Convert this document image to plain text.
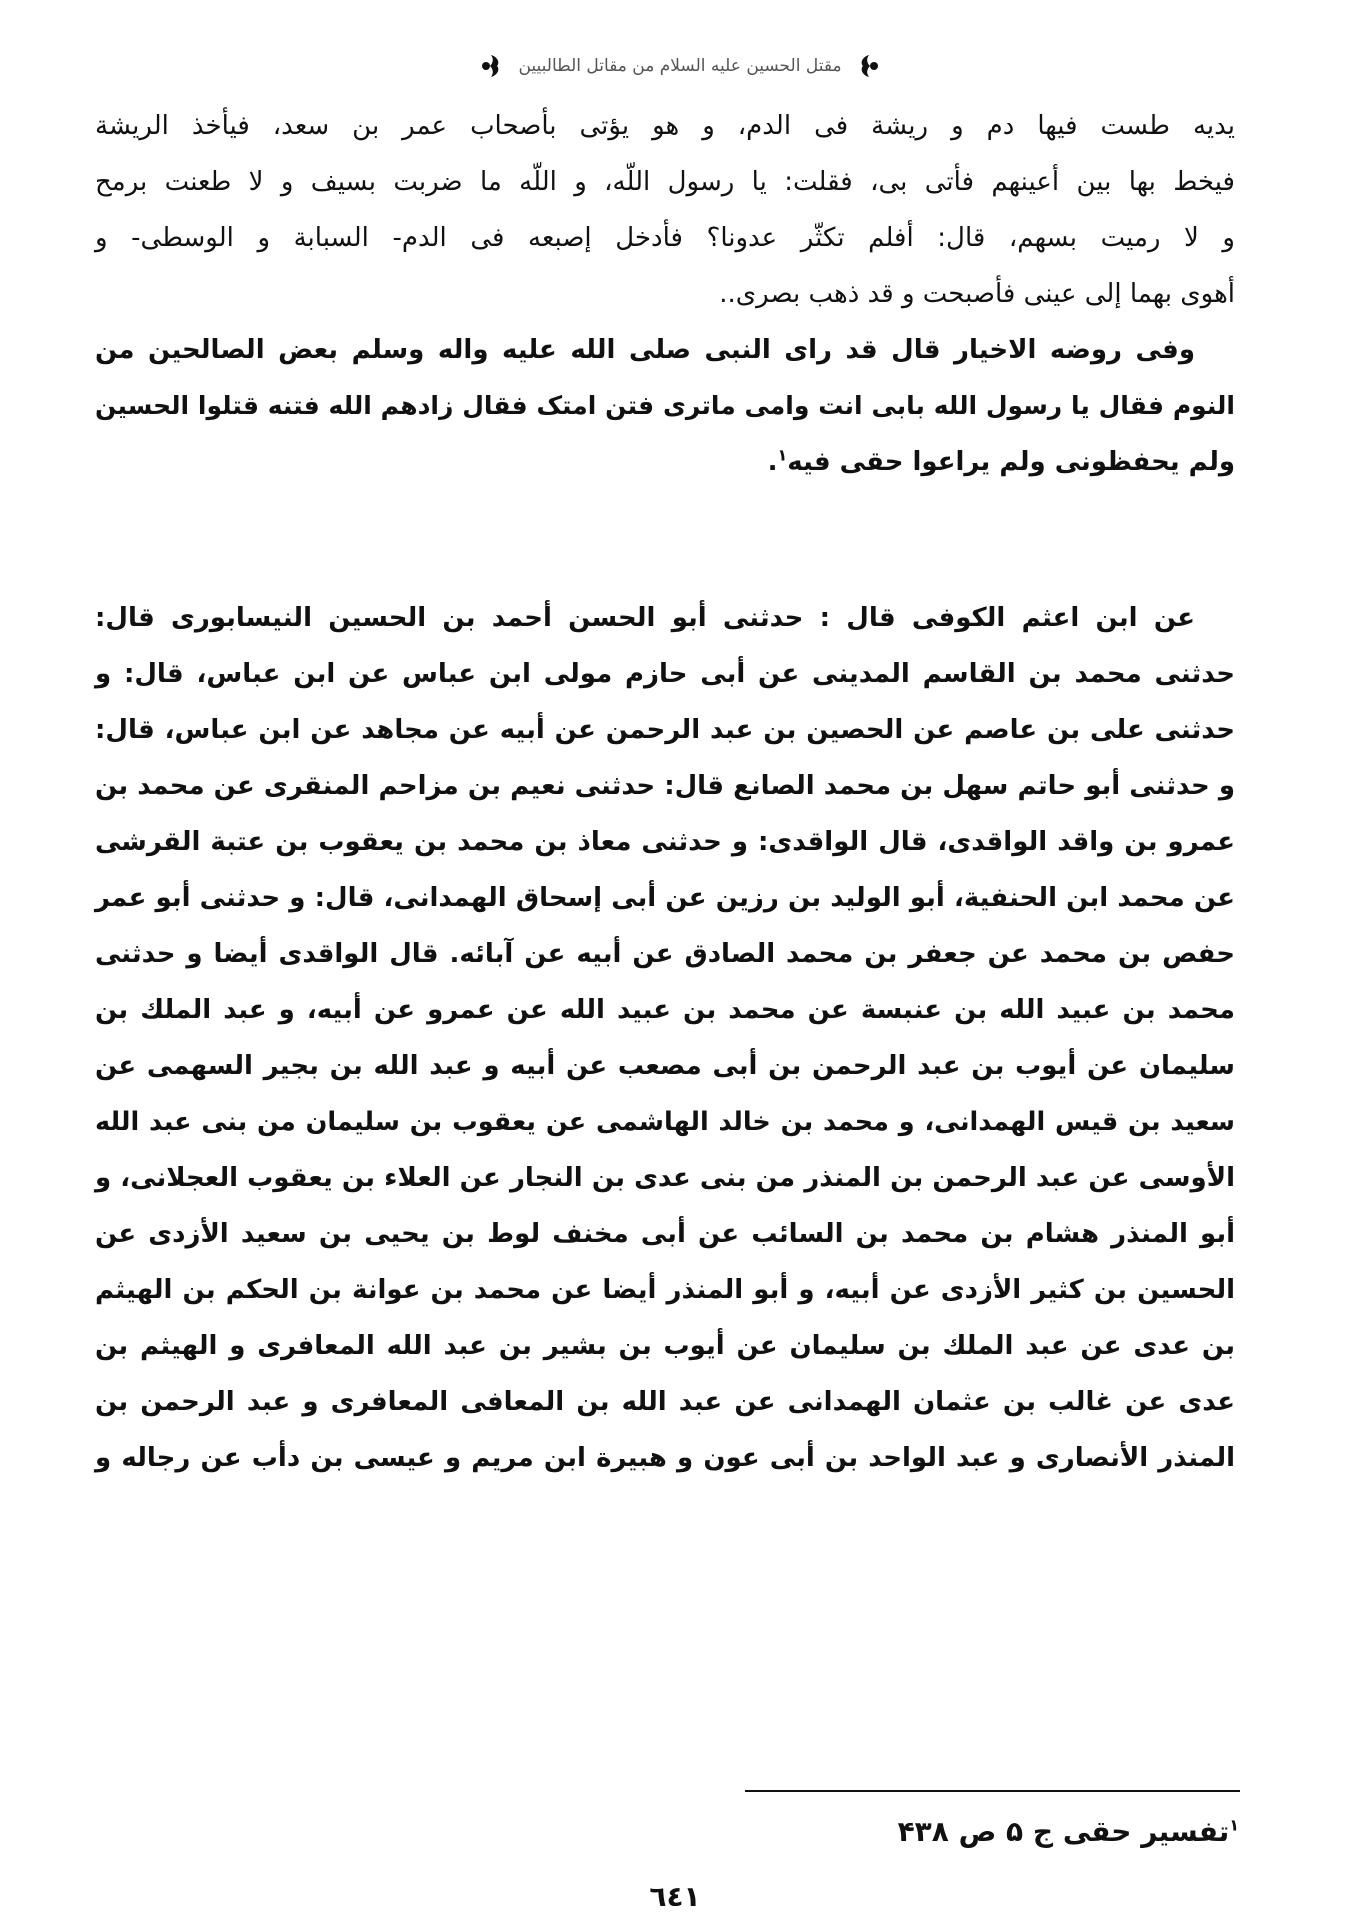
مقتل الحسين علیه السلام من مقاتل الطالبیین

يديه طست فيها دم و ريشة فى الدم، و هو يؤتى بأصحاب عمر بن سعد، فيأخذ الريشة
فيخط بها بين أعينهم فأتى بى، فقلت: يا رسول اللّه، و اللّه ما ضربت بسيف و لا طعنت برمح
و لا رميت بسهم، قال: أفلم تكثّر عدونا؟ فأدخل إصبعه فى الدم- السبابة و الوسطى- و
أهوى بهما إلى عينى فأصبحت و قد ذهب بصرى..

وفى روضه الاخيار قال قد راى النبى صلى الله عليه واله وسلم بعض الصالحين من
النوم فقال يا رسول الله بابى انت وامى ماترى فتن امتک فقال زادهم الله فتنه قتلوا الحسين
ولم يحفظونى ولم يراعوا حقى فيه$^١$.

عن ابن اعثم الكوفى قال : حدثنى أبو الحسن أحمد بن الحسين النيسابورى قال:
حدثنى محمد بن القاسم المدينى عن أبى حازم مولى ابن عباس عن ابن عباس، قال: و
حدثنى على بن عاصم عن الحصين بن عبد الرحمن عن أبيه عن مجاهد عن ابن عباس، قال:
و حدثنى أبو حاتم سهل بن محمد الصانع قال: حدثنى نعيم بن مزاحم المنقرى عن محمد بن
عمرو بن واقد الواقدى، قال الواقدى: و حدثنى معاذ بن محمد بن يعقوب بن عتبة القرشى
عن محمد ابن الحنفية، أبو الوليد بن رزين عن أبى إسحاق الهمدانى، قال: و حدثنى أبو عمر
حفص بن محمد عن جعفر بن محمد الصادق عن أبيه عن آبائه. قال الواقدى أيضا و حدثنى
محمد بن عبيد الله بن عنبسة عن محمد بن عبيد الله عن عمرو عن أبيه، و عبد الملك بن
سليمان عن أيوب بن عبد الرحمن بن أبى مصعب عن أبيه و عبد الله بن بجير السهمى عن
سعيد بن قيس الهمدانى، و محمد بن خالد الهاشمى عن يعقوب بن سليمان من بنى عبد الله
الأوسى عن عبد الرحمن بن المنذر من بنى عدى بن النجار عن العلاء بن يعقوب العجلانى، و
أبو المنذر هشام بن محمد بن السائب عن أبى مخنف لوط بن يحيى بن سعيد الأزدى عن
الحسين بن كثير الأزدى عن أبيه، و أبو المنذر أيضا عن محمد بن عوانة بن الحكم بن الهيثم
بن عدى عن عبد الملك بن سليمان عن أيوب بن بشير بن عبد الله المعافرى و الهيثم بن
عدى عن غالب بن عثمان الهمدانى عن عبد الله بن المعافى المعافرى و عبد الرحمن بن
المنذر الأنصارى و عبد الواحد بن أبى عون و هبيرة ابن مريم و عيسى بن دأب عن رجاله و

$^١$تفسير حقى ج ۵ ص ۴۳۸
٦٤١
